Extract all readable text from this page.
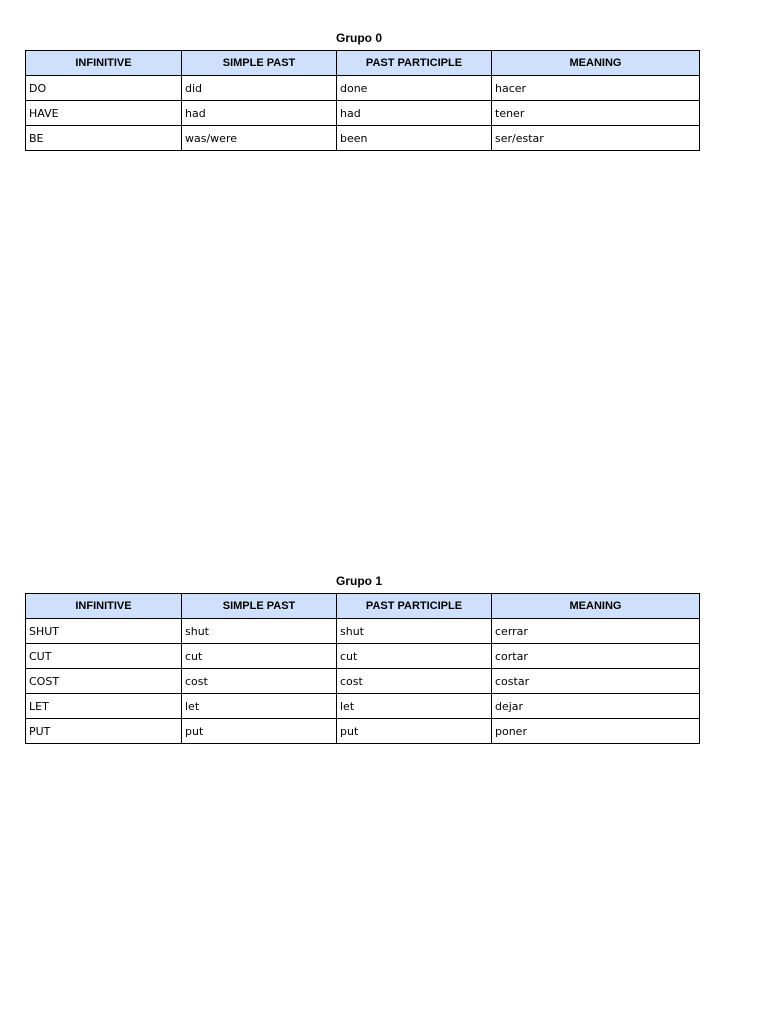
Grupo 0
INFINITIVE	SIMPLE PAST	PAST PARTICIPLE	MEANING
DO	did	done	hacer
HAVE	had	had	tener
BE	was/were	been	ser/estar
Grupo 1
INFINITIVE	SIMPLE PAST	PAST PARTICIPLE	MEANING
SHUT	shut	shut	cerrar
CUT	cut	cut	cortar
COST	cost	cost	costar
LET	let	let	dejar
PUT	put	put	poner
